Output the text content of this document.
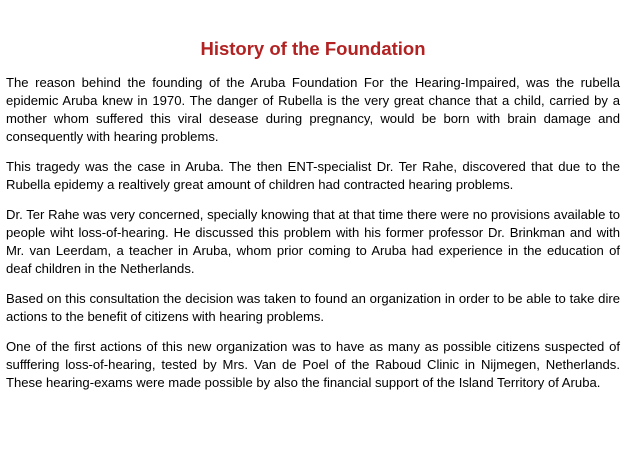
History of the Foundation

The reason behind the founding of the Aruba Foundation For the Hearing-Impaired, was the rubella epidemic Aruba knew in 1970. The danger of Rubella is the very great chance that a child, carried by a mother whom suffered this viral desease during pregnancy, would be born with brain damage and consequently with hearing problems.

This tragedy was the case in Aruba. The then ENT-specialist Dr. Ter Rahe, discovered that due to the Rubella epidemy a realtively great amount of children had contracted hearing problems.

Dr. Ter Rahe was very concerned, specially knowing that at that time there were no provisions available to people wiht loss-of-hearing. He discussed this problem with his former professor Dr. Brinkman and with Mr. van Leerdam, a teacher in Aruba, whom prior coming to Aruba had experience in the education of deaf children in the Netherlands.

Based on this consultation the decision was taken to found an organization in order to be able to take dire actions to the benefit of citizens with hearing problems.

One of the first actions of this new organization was to have as many as possible citizens suspected of sufffering loss-of-hearing, tested by Mrs. Van de Poel of the Raboud Clinic in Nijmegen, Netherlands. These hearing-exams were made possible by also the financial support of the Island Territory of Aruba.
